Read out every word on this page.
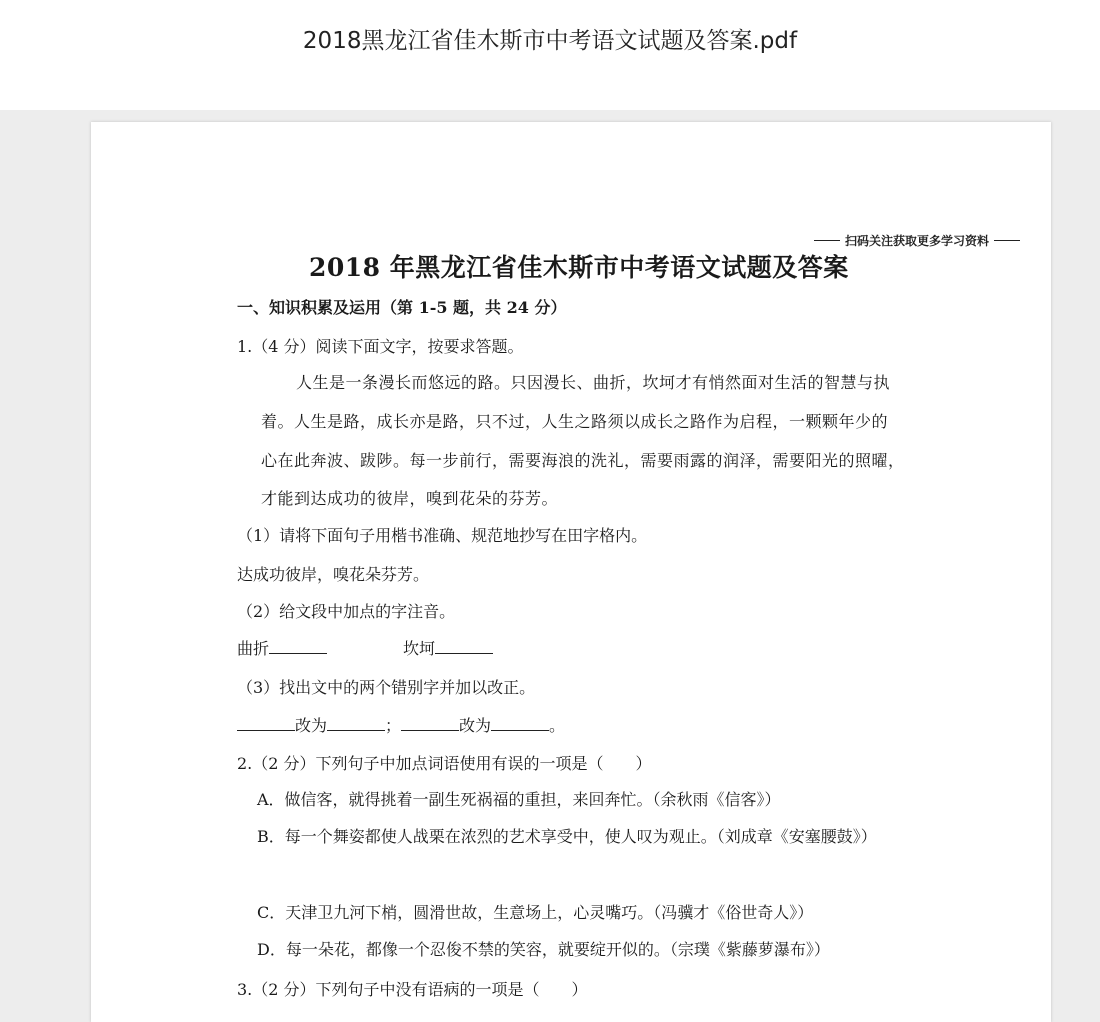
2018黑龙江省佳木斯市中考语文试题及答案.pdf
扫码关注获取更多学习资料
2018 年黑龙江省佳木斯市中考语文试题及答案
一、知识积累及运用（第 1-5 题，共 24 分）
1.（4 分）阅读下面文字，按要求答题。
人生是一条漫长而悠远的路。只因漫长、曲折，坎坷才有悄然面对生活的智慧与执
着。人生是路，成长亦是路，只不过，人生之路须以成长之路作为启程，一颗颗年少的
心在此奔波、跋陟。每一步前行，需要海浪的洗礼，需要雨露的润泽，需要阳光的照曜，
才能到达成功的彼岸，嗅到花朵的芬芳。
（1）请将下面句子用楷书准确、规范地抄写在田字格内。
达成功彼岸，嗅花朵芬芳。
（2）给文段中加点的字注音。
曲折	坎坷
（3）找出文中的两个错别字并加以改正。
改为	；	改为	。
2.（2 分）下列句子中加点词语使用有误的一项是（　　）
A．做信客，就得挑着一副生死祸福的重担，来回奔忙。（余秋雨《信客》）
B．每一个舞姿都使人战栗在浓烈的艺术享受中，使人叹为观止。（刘成章《安塞腰鼓》）
C．天津卫九河下梢，圆滑世故，生意场上，心灵嘴巧。（冯骥才《俗世奇人》）
D．每一朵花，都像一个忍俊不禁的笑容，就要绽开似的。（宗璞《紫藤萝瀑布》）
3.（2 分）下列句子中没有语病的一项是（　　）
